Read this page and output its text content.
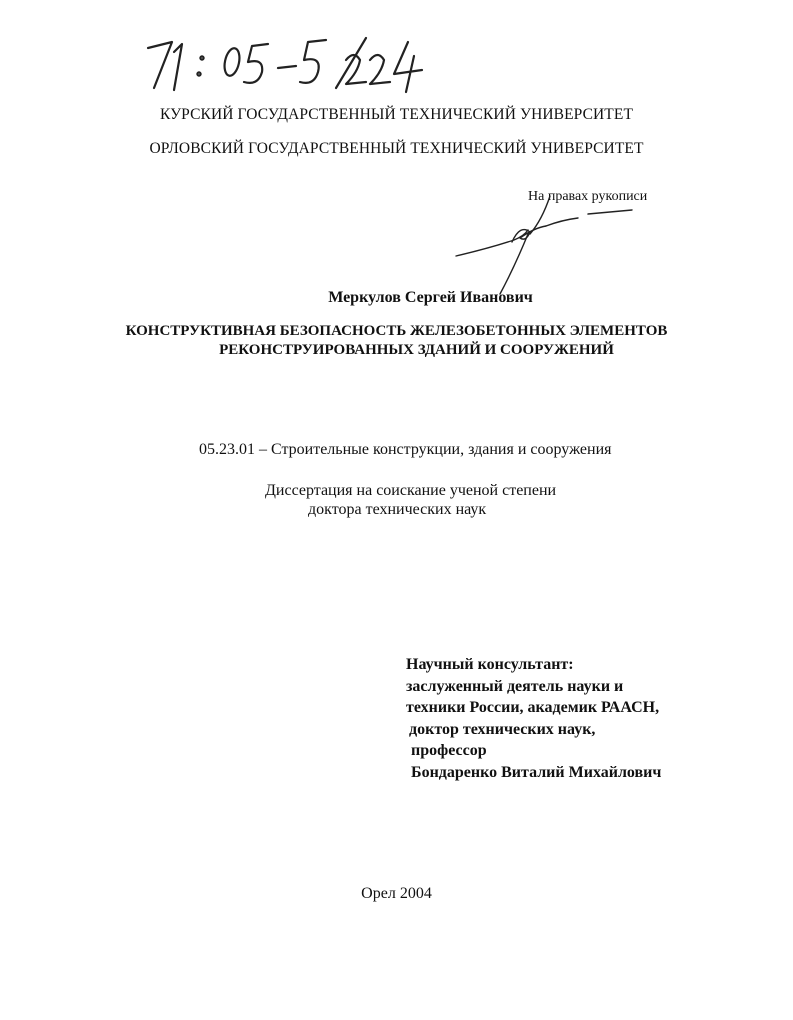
КУРСКИЙ ГОСУДАРСТВЕННЫЙ ТЕХНИЧЕСКИЙ УНИВЕРСИТЕТ
ОРЛОВСКИЙ ГОСУДАРСТВЕННЫЙ ТЕХНИЧЕСКИЙ УНИВЕРСИТЕТ
На правах рукописи
Меркулов Сергей Иванович
КОНСТРУКТИВНАЯ БЕЗОПАСНОСТЬ ЖЕЛЕЗОБЕТОННЫХ ЭЛЕМЕНТОВ
РЕКОНСТРУИРОВАННЫХ ЗДАНИЙ И СООРУЖЕНИЙ
05.23.01 – Строительные конструкции, здания и сооружения
Диссертация на соискание ученой степени
доктора технических наук
Научный консультант:
заслуженный деятель науки и
техники России, академик РААСН,
доктор технических наук,
профессор
Бондаренко Виталий Михайлович
Орел 2004
